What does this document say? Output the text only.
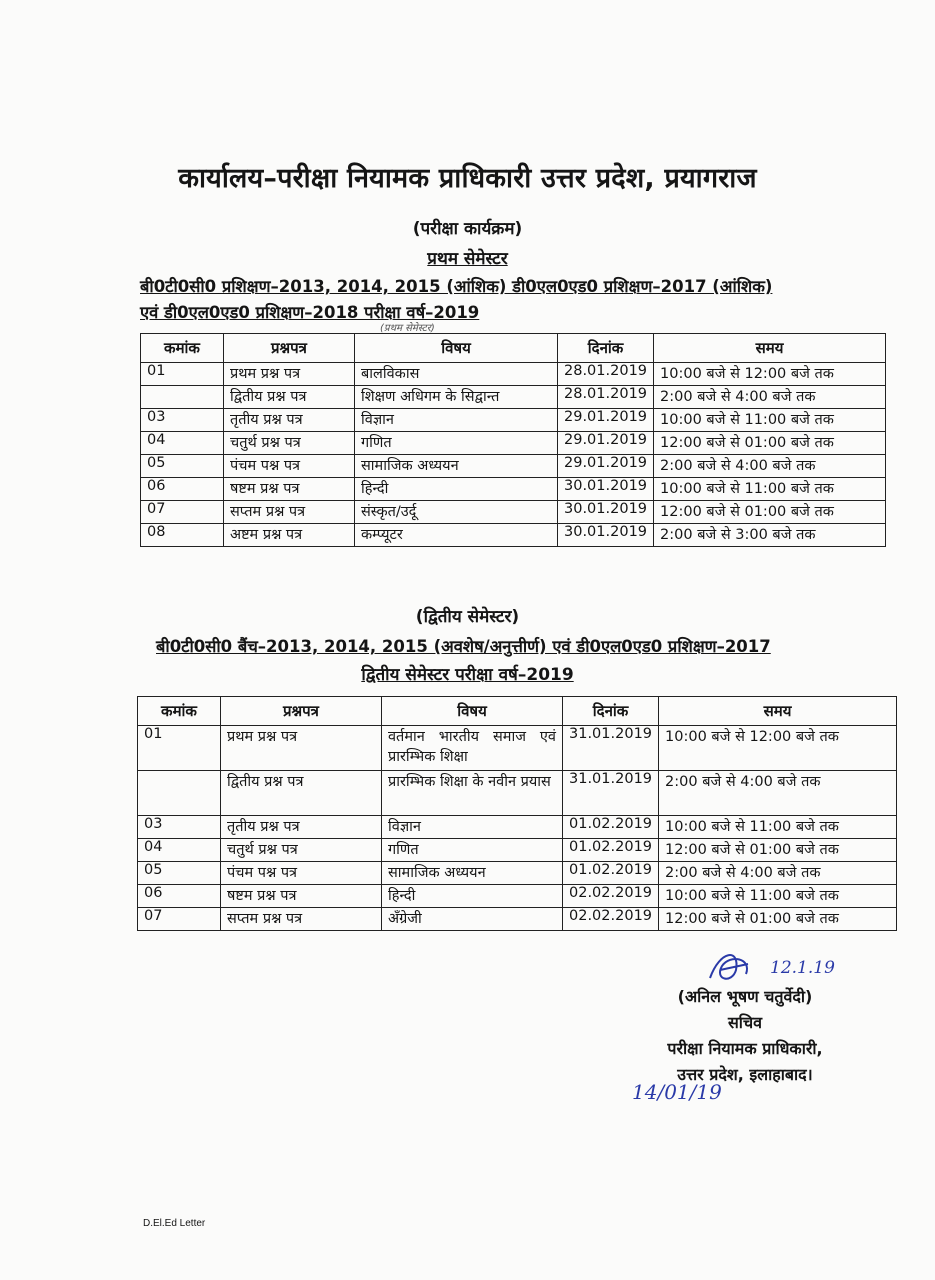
कार्यालय–परीक्षा नियामक प्राधिकारी उत्तर प्रदेश, प्रयागराज
(परीक्षा कार्यक्रम)
प्रथम सेमेस्टर
बी0टी0सी0 प्रशिक्षण–2013, 2014, 2015 (आंशिक) डी0एल0एड0 प्रशिक्षण–2017 (आंशिक)
एवं डी0एल0एड0 प्रशिक्षण–2018 परीक्षा वर्ष–2019
(प्रथम सेमेस्टर)
कमांक	प्रश्नपत्र	विषय	दिनांक	समय
01	प्रथम प्रश्न पत्र	बालविकास	28.01.2019	10:00 बजे से 12:00 बजे तक
	द्वितीय प्रश्न पत्र	शिक्षण अधिगम के सिद्वान्त	28.01.2019	2:00 बजे से 4:00 बजे तक
03	तृतीय प्रश्न पत्र	विज्ञान	29.01.2019	10:00 बजे से 11:00 बजे तक
04	चतुर्थ प्रश्न पत्र	गणित	29.01.2019	12:00 बजे से 01:00 बजे तक
05	पंचम पश्न पत्र	सामाजिक अध्ययन	29.01.2019	2:00 बजे से 4:00 बजे तक
06	षष्टम प्रश्न पत्र	हिन्दी	30.01.2019	10:00 बजे से 11:00 बजे तक
07	सप्तम प्रश्न पत्र	संस्कृत/उर्दू	30.01.2019	12:00 बजे से 01:00 बजे तक
08	अष्टम प्रश्न पत्र	कम्प्यूटर	30.01.2019	2:00 बजे से 3:00 बजे तक
(द्वितीय सेमेस्टर)
बी0टी0सी0 बैंच–2013, 2014, 2015 (अवशेष/अनुत्तीर्ण) एवं डी0एल0एड0 प्रशिक्षण–2017
द्वितीय सेमेस्टर परीक्षा वर्ष–2019
कमांक	प्रश्नपत्र	विषय	दिनांक	समय
01	प्रथम प्रश्न पत्र	वर्तमान भारतीय समाज एवं प्रारम्भिक शिक्षा	31.01.2019	10:00 बजे से 12:00 बजे तक
	द्वितीय प्रश्न पत्र	प्रारम्भिक शिक्षा के नवीन प्रयास	31.01.2019	2:00 बजे से 4:00 बजे तक
03	तृतीय प्रश्न पत्र	विज्ञान	01.02.2019	10:00 बजे से 11:00 बजे तक
04	चतुर्थ प्रश्न पत्र	गणित	01.02.2019	12:00 बजे से 01:00 बजे तक
05	पंचम पश्न पत्र	सामाजिक अध्ययन	01.02.2019	2:00 बजे से 4:00 बजे तक
06	षष्टम प्रश्न पत्र	हिन्दी	02.02.2019	10:00 बजे से 11:00 बजे तक
07	सप्तम प्रश्न पत्र	अँग्रेजी	02.02.2019	12:00 बजे से 01:00 बजे तक
12.1.19
(अनिल भूषण चतुर्वेदी)
सचिव
परीक्षा नियामक प्राधिकारी,
उत्तर प्रदेश, इलाहाबाद।
14/01/19
D.El.Ed Letter
